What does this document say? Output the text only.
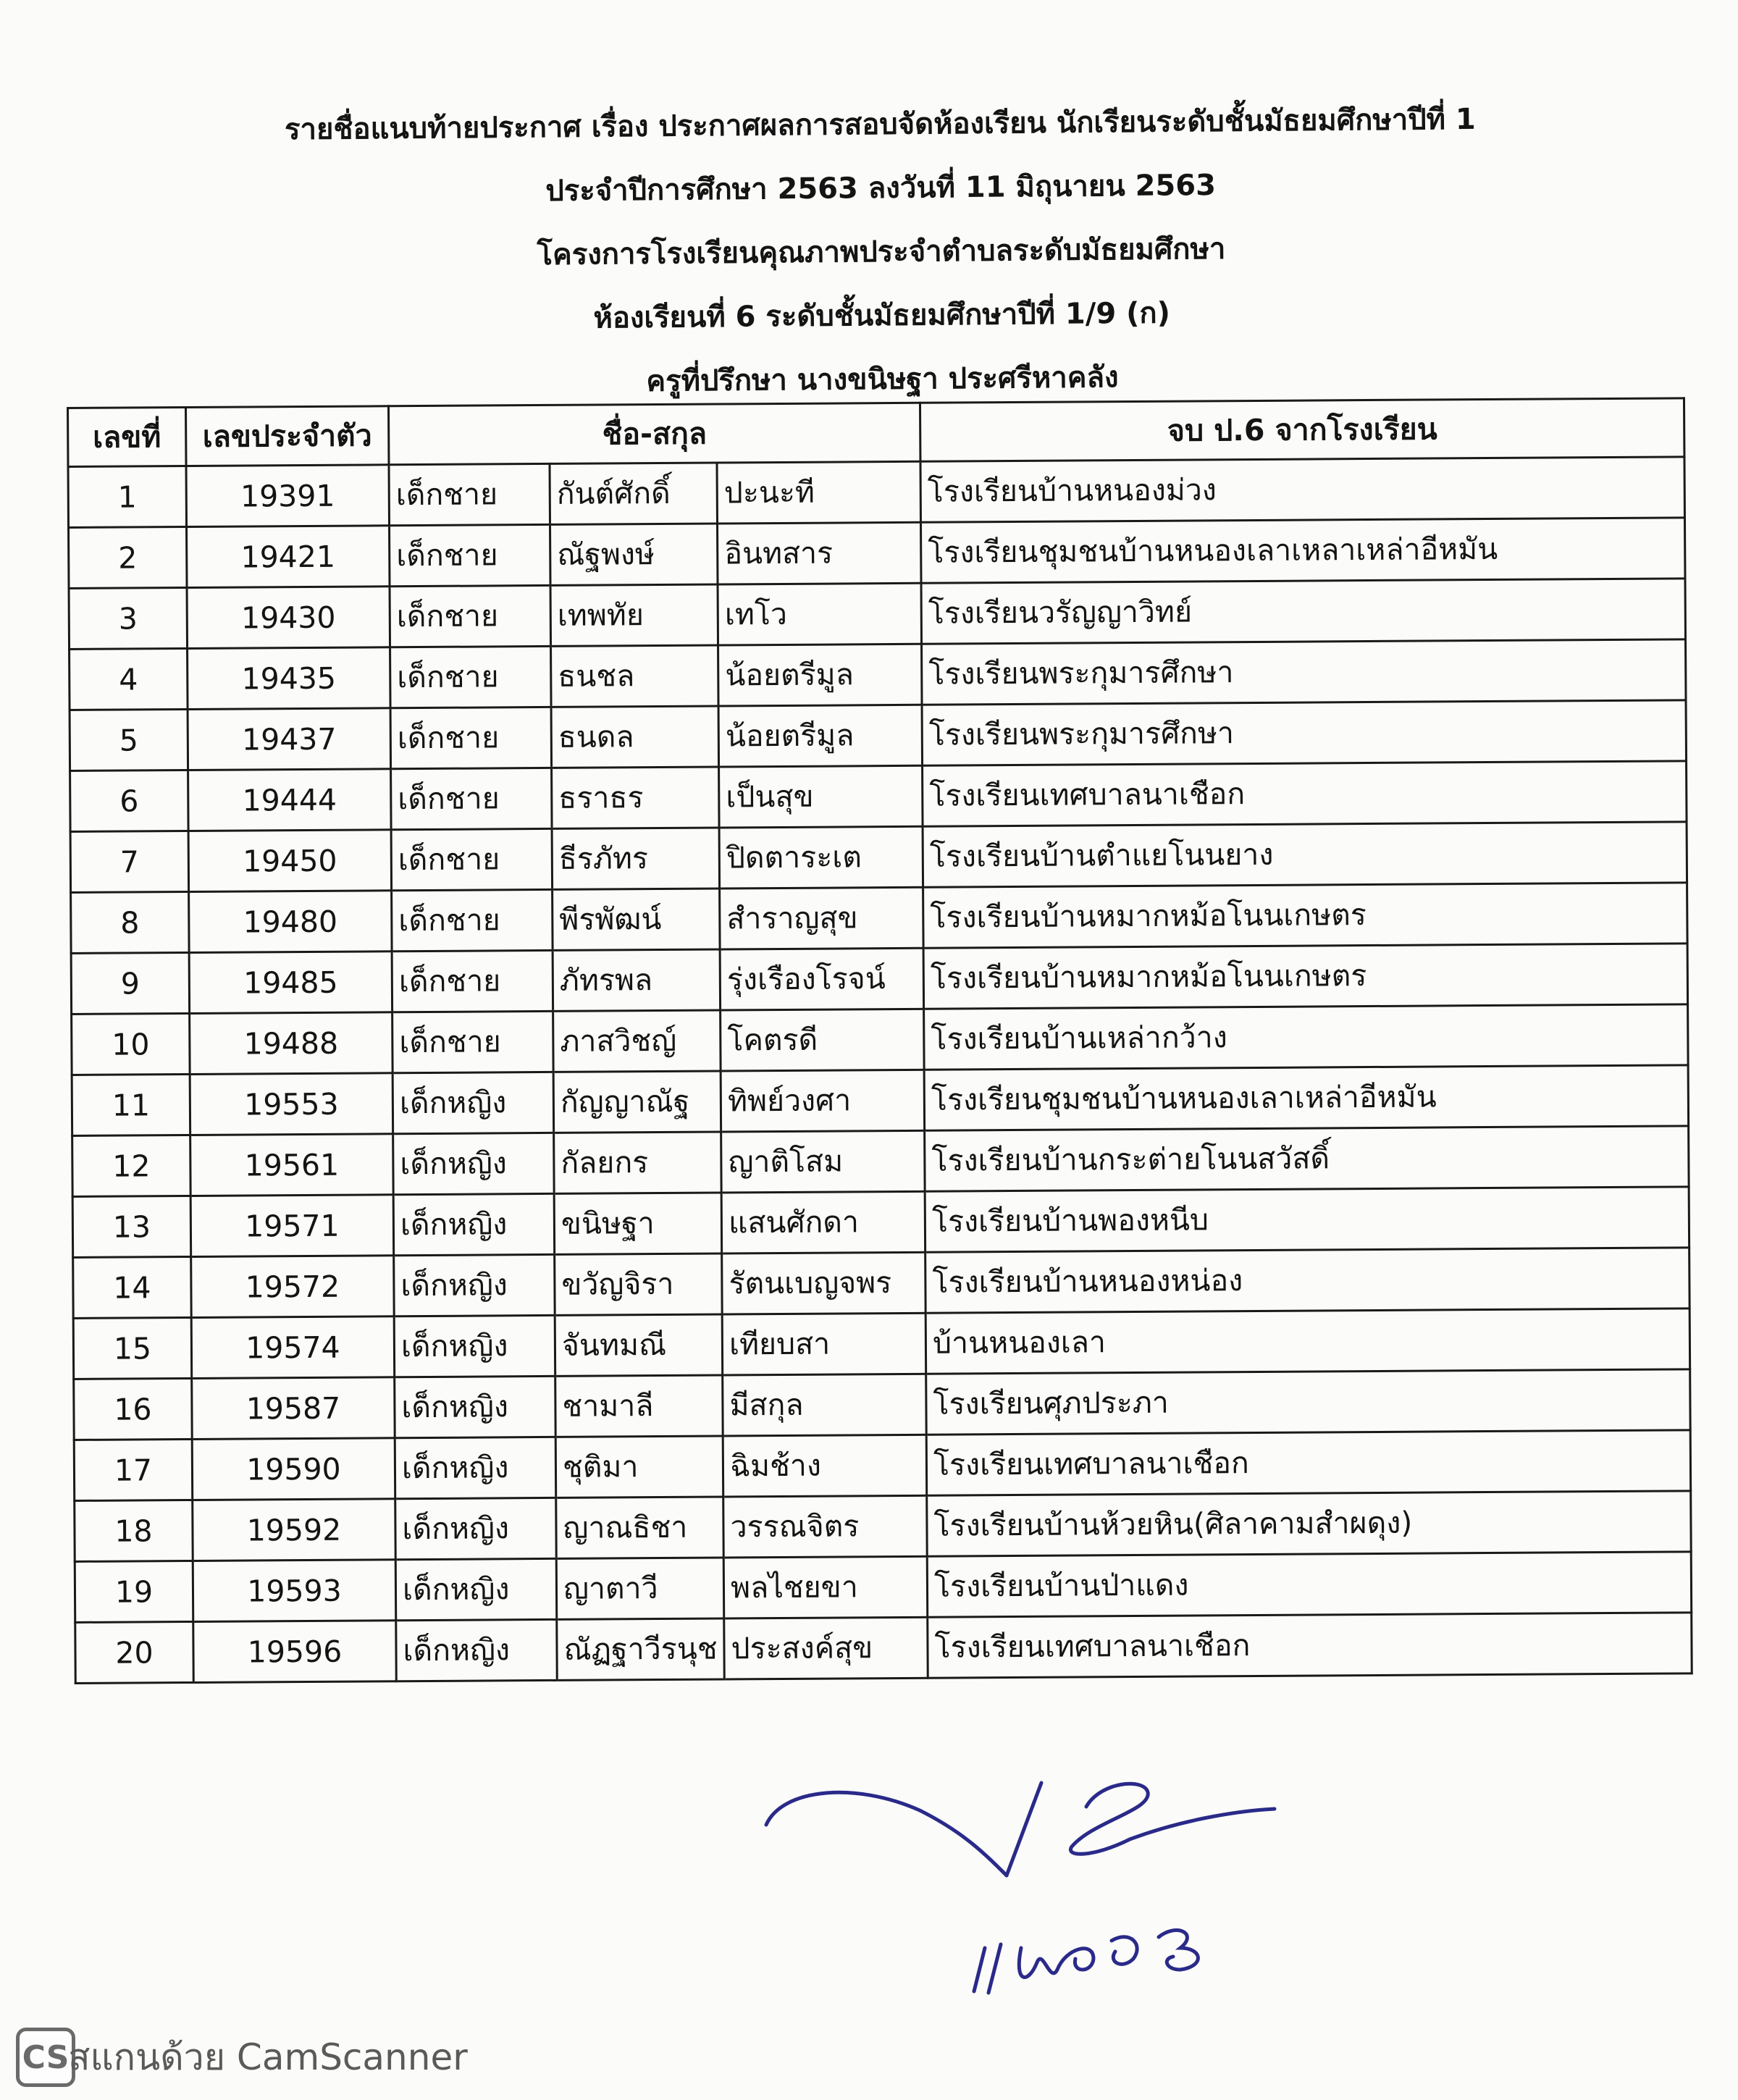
รายชื่อแนบท้ายประกาศ เรื่อง ประกาศผลการสอบจัดห้องเรียน นักเรียนระดับชั้นมัธยมศึกษาปีที่ 1
ประจำปีการศึกษา 2563 ลงวันที่ 11 มิถุนายน 2563
โครงการโรงเรียนคุณภาพประจำตำบลระดับมัธยมศึกษา
ห้องเรียนที่ 6 ระดับชั้นมัธยมศึกษาปีที่ 1/9 (ก)
ครูที่ปรึกษา นางขนิษฐา ประศรีหาคลัง
เลขที่	เลขประจำตัว	ชื่อ-สกุล			จบ ป.6 จากโรงเรียน
1	19391	เด็กชาย	กันต์ศักดิ์	ปะนะที	โรงเรียนบ้านหนองม่วง
2	19421	เด็กชาย	ณัฐพงษ์	อินทสาร	โรงเรียนชุมชนบ้านหนองเลาเหลาเหล่าอีหมัน
3	19430	เด็กชาย	เทพทัย	เทโว	โรงเรียนวรัญญาวิทย์
4	19435	เด็กชาย	ธนชล	น้อยตรีมูล	โรงเรียนพระกุมารศึกษา
5	19437	เด็กชาย	ธนดล	น้อยตรีมูล	โรงเรียนพระกุมารศึกษา
6	19444	เด็กชาย	ธราธร	เป็นสุข	โรงเรียนเทศบาลนาเชือก
7	19450	เด็กชาย	ธีรภัทร	ปิดตาระเต	โรงเรียนบ้านตำแยโนนยาง
8	19480	เด็กชาย	พีรพัฒน์	สำราญสุข	โรงเรียนบ้านหมากหม้อโนนเกษตร
9	19485	เด็กชาย	ภัทรพล	รุ่งเรืองโรจน์	โรงเรียนบ้านหมากหม้อโนนเกษตร
10	19488	เด็กชาย	ภาสวิชญ์	โคตรดี	โรงเรียนบ้านเหล่ากว้าง
11	19553	เด็กหญิง	กัญญาณัฐ	ทิพย์วงศา	โรงเรียนชุมชนบ้านหนองเลาเหล่าอีหมัน
12	19561	เด็กหญิง	กัลยกร	ญาติโสม	โรงเรียนบ้านกระต่ายโนนสวัสดิ์
13	19571	เด็กหญิง	ขนิษฐา	แสนศักดา	โรงเรียนบ้านพองหนีบ
14	19572	เด็กหญิง	ขวัญจิรา	รัตนเบญจพร	โรงเรียนบ้านหนองหน่อง
15	19574	เด็กหญิง	จันทมณี	เทียบสา	บ้านหนองเลา
16	19587	เด็กหญิง	ชามาลี	มีสกุล	โรงเรียนศุภประภา
17	19590	เด็กหญิง	ชุติมา	ฉิมช้าง	โรงเรียนเทศบาลนาเชือก
18	19592	เด็กหญิง	ญาณธิชา	วรรณจิตร	โรงเรียนบ้านห้วยหิน(ศิลาคามสำผดุง)
19	19593	เด็กหญิง	ญาตาวี	พลไชยขา	โรงเรียนบ้านป่าแดง
20	19596	เด็กหญิง	ณัฏฐาวีรนุช	ประสงค์สุข	โรงเรียนเทศบาลนาเชือก
CS
สแกนด้วย CamScanner
